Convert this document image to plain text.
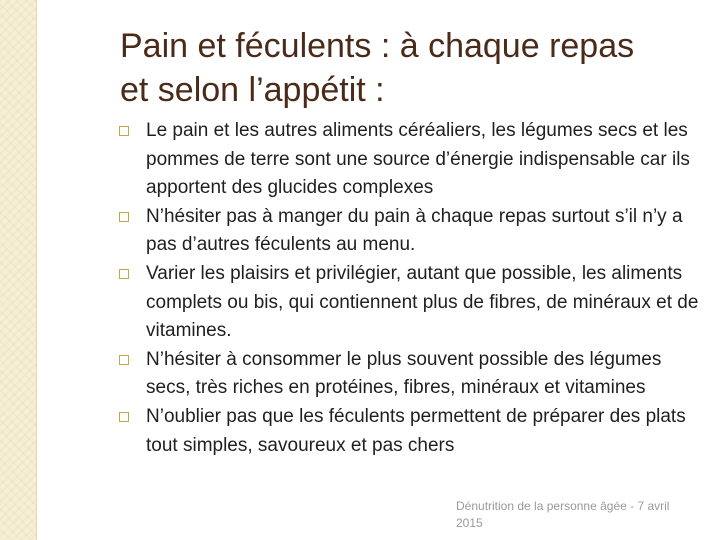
Pain et féculents : à chaque repas
et selon l’appétit :
Le pain et les autres aliments céréaliers, les légumes secs et les pommes de terre sont une source d’énergie indispensable car ils apportent des glucides complexes
N’hésiter pas à manger du pain à chaque repas surtout s’il n’y a pas d’autres féculents au menu.
Varier les plaisirs et privilégier, autant que possible, les aliments complets ou bis, qui contiennent plus de fibres, de minéraux et de vitamines.
N’hésiter à consommer le plus souvent possible des légumes secs, très riches en protéines, fibres, minéraux et vitamines
N’oublier pas que les féculents permettent de préparer des plats tout simples, savoureux et pas chers
Dénutrition de la personne âgée - 7 avril 2015
